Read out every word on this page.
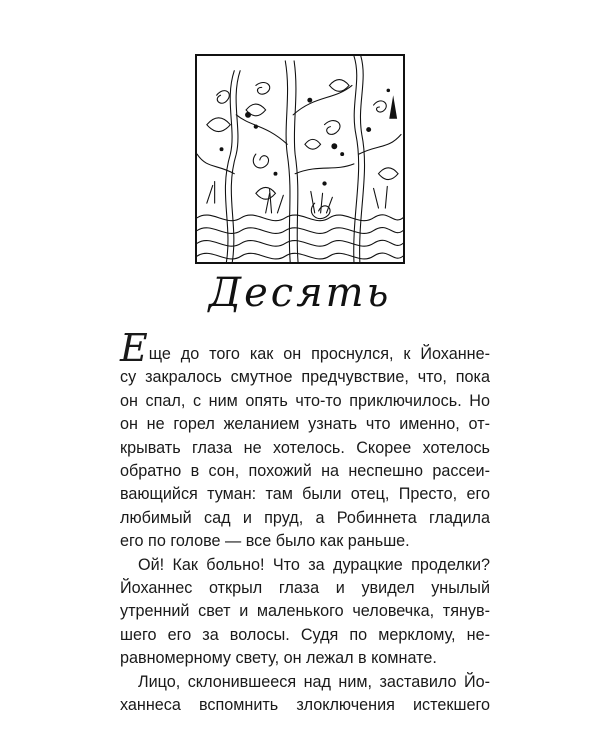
Десять

Еще до того как он проснулся, к Йоханне-
су закралось смутное предчувствие, что, пока
он спал, с ним опять что-то приключилось. Но
он не горел желанием узнать что именно, от-
крывать глаза не хотелось. Скорее хотелось
обратно в сон, похожий на неспешно рассеи-
вающийся туман: там были отец, Престо, его
любимый сад и пруд, а Робиннета гладила
его по голове — все было как раньше.

Ой! Как больно! Что за дурацкие проделки?
Йоханнес открыл глаза и увидел унылый
утренний свет и маленького человечка, тянув-
шего его за волосы. Судя по мерклому, не-
равномерному свету, он лежал в комнате.

Лицо, склонившееся над ним, заставило Йо-
ханнеса вспомнить злоключения истекшего
